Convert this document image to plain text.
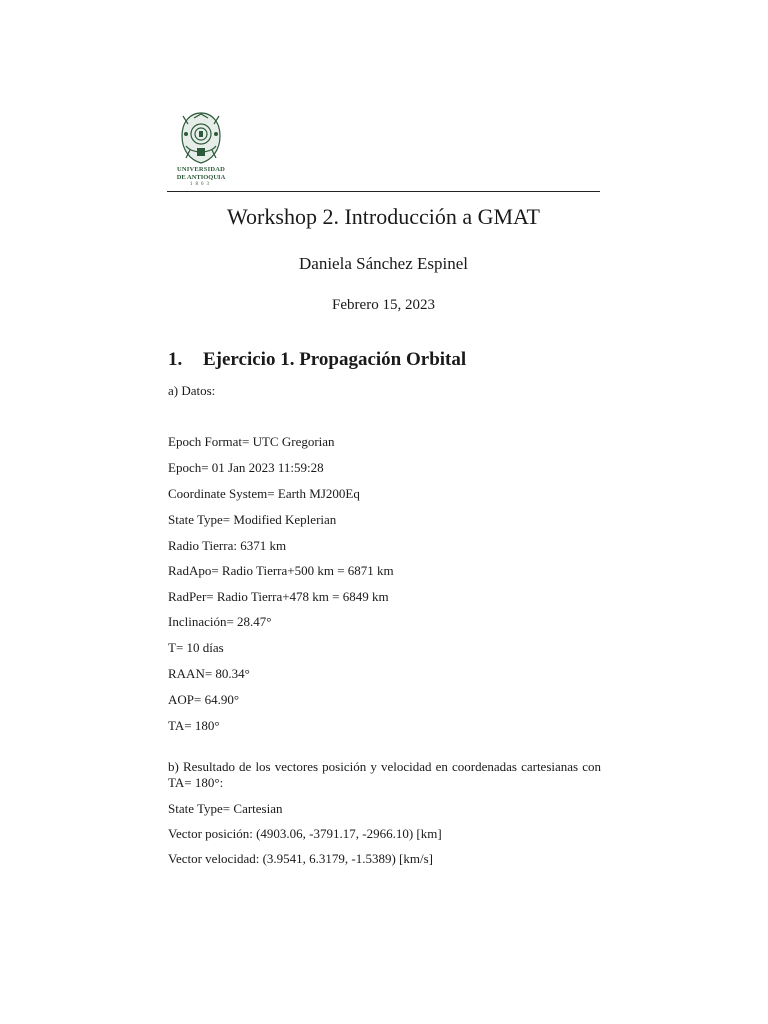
UNIVERSIDAD
DE ANTIOQUIA
1803
Workshop 2. Introducción a GMAT
Daniela Sánchez Espinel
Febrero 15, 2023
1. Ejercicio 1. Propagación Orbital
a) Datos:
Epoch Format= UTC Gregorian
Epoch= 01 Jan 2023 11:59:28
Coordinate System= Earth MJ200Eq
State Type= Modified Keplerian
Radio Tierra: 6371 km
RadApo= Radio Tierra+500 km = 6871 km
RadPer= Radio Tierra+478 km = 6849 km
Inclinación= 28.47°
T= 10 días
RAAN= 80.34°
AOP= 64.90°
TA= 180°
b) Resultado de los vectores posición y velocidad en coordenadas cartesianas con TA= 180°:
State Type= Cartesian
Vector posición: (4903.06, -3791.17, -2966.10) [km]
Vector velocidad: (3.9541, 6.3179, -1.5389) [km/s]
